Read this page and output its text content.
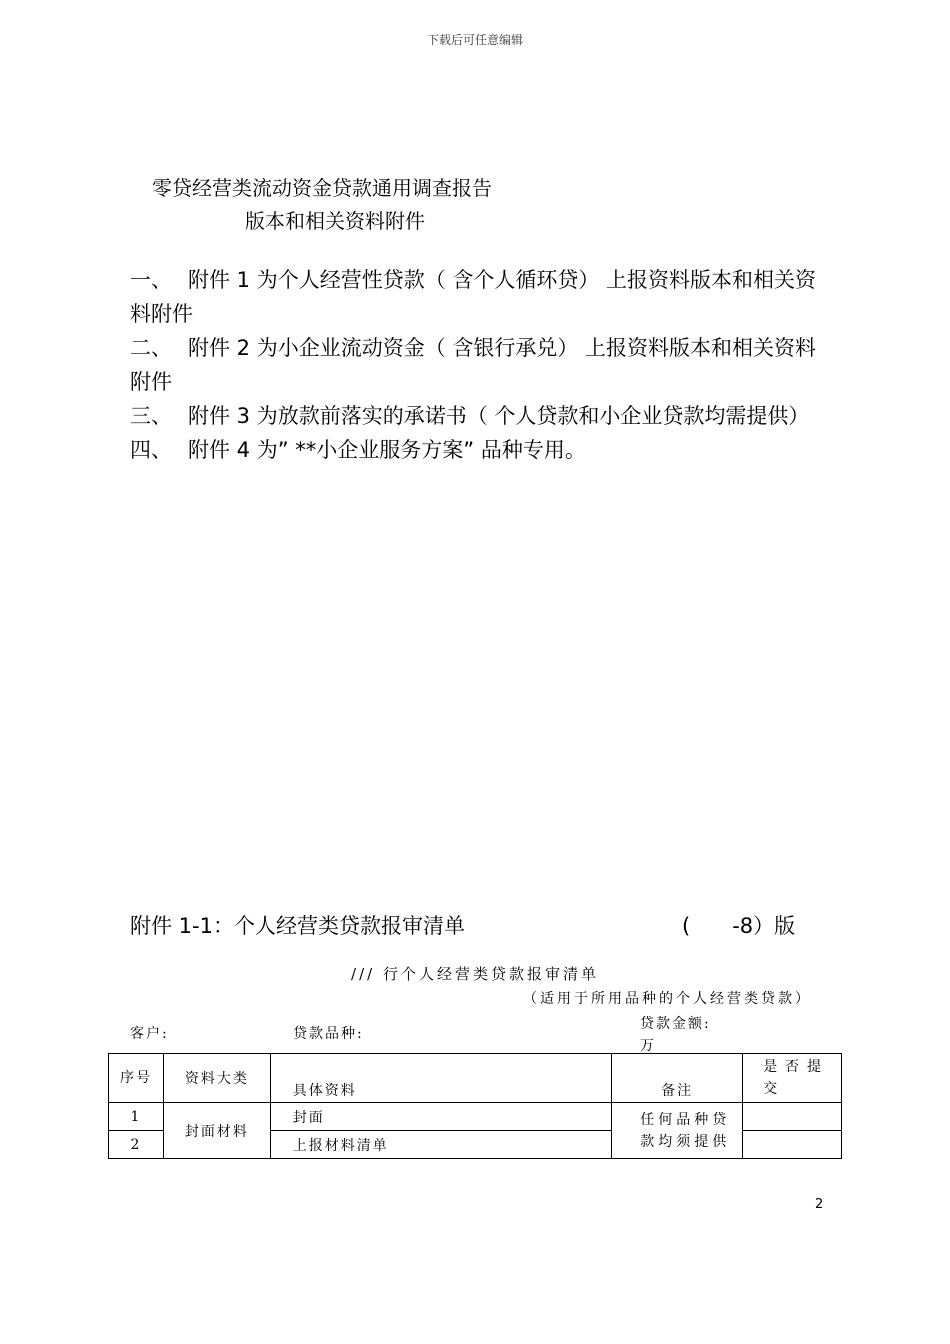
下载后可任意编辑
零贷经营类流动资金贷款通用调查报告
版本和相关资料附件

一、 附件 1 为个人经营性贷款（ 含个人循环贷） 上报资料版本和相关资料附件

二、 附件 2 为小企业流动资金（ 含银行承兑） 上报资料版本和相关资料附件

三、 附件 3 为放款前落实的承诺书（ 个人贷款和小企业贷款均需提供）

四、 附件 4 为” **小企业服务方案” 品种专用。

附件 1-1：个人经营类贷款报审清单	(　　-8）版
/// 行个人经营类贷款报审清单
（适用于所用品种的个人经营类贷款）
客户:	贷款品种:
贷款金额:
万
序号	资料大类	具体资料	备注	是否提交
1	封面材料	封面	任何品种贷款均须提供	
2		上报材料清单		
2
